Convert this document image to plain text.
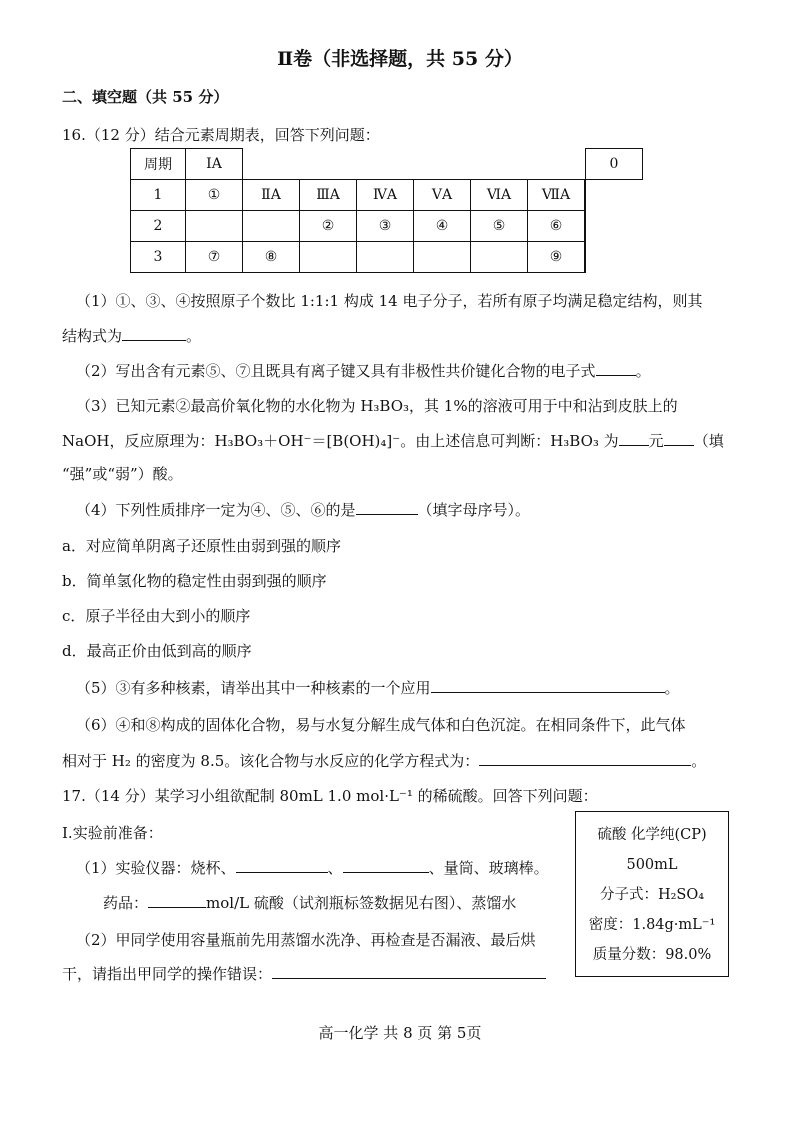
Ⅱ卷（非选择题，共 55 分）
二、填空题（共 55 分）
16.（12 分）结合元素周期表，回答下列问题：
周期	ⅠA							0
1	①	ⅡA	ⅢA	ⅣA	ⅤA	ⅥA	ⅦA	
2			②	③	④	⑤	⑥	
3	⑦	⑧					⑨	
（1）①、③、④按照原子个数比 1:1:1 构成 14 电子分子，若所有原子均满足稳定结构，则其
结构式为	。
（2）写出含有元素⑤、⑦且既具有离子键又具有非极性共价键化合物的电子式	。
（3）已知元素②最高价氧化物的水化物为 H₃BO₃，其 1%的溶液可用于中和沾到皮肤上的
NaOH，反应原理为：H₃BO₃＋OH⁻＝[B(OH)₄]⁻。由上述信息可判断：H₃BO₃ 为 元 （填
“强”或“弱”）酸。
（4）下列性质排序一定为④、⑤、⑥的是	（填字母序号）。
a．对应简单阴离子还原性由弱到强的顺序
b．简单氢化物的稳定性由弱到强的顺序
c．原子半径由大到小的顺序
d．最高正价由低到高的顺序
（5）③有多种核素，请举出其中一种核素的一个应用	。
（6）④和⑧构成的固体化合物，易与水复分解生成气体和白色沉淀。在相同条件下，此气体
相对于 H₂ 的密度为 8.5。该化合物与水反应的化学方程式为：	。
17.（14 分）某学习小组欲配制 80mL 1.0 mol·L⁻¹ 的稀硫酸。回答下列问题：
Ⅰ.实验前准备：
（1）实验仪器：烧杯、	、	、量筒、玻璃棒。
药品：	mol/L 硫酸（试剂瓶标签数据见右图）、蒸馏水
（2）甲同学使用容量瓶前先用蒸馏水洗净、再检查是否漏液、最后烘
干，请指出甲同学的操作错误：
硫酸 化学纯(CP)
500mL
分子式：H₂SO₄
密度：1.84g·mL⁻¹
质量分数：98.0%
高一化学 共 8 页 第 5页
